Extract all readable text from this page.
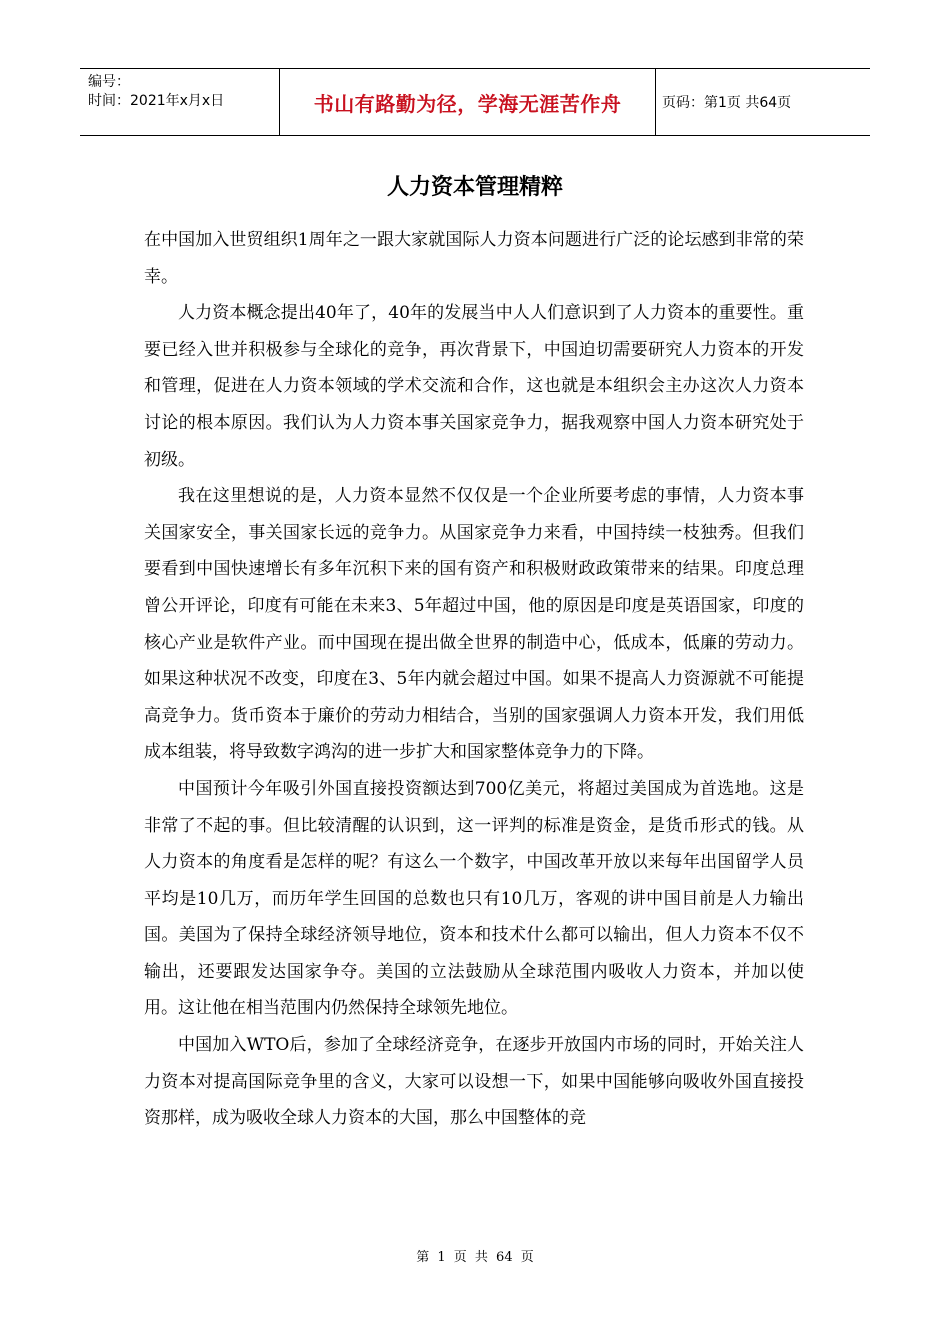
编号：
时间：2021年x月x日	书山有路勤为径，学海无涯苦作舟	页码：第1页 共64页
人力资本管理精粹

在中国加入世贸组织1周年之一跟大家就国际人力资本问题进行广泛的论坛感到非常的荣幸。

人力资本概念提出40年了，40年的发展当中人人们意识到了人力资本的重要性。重要已经入世并积极参与全球化的竞争，再次背景下，中国迫切需要研究人力资本的开发和管理，促进在人力资本领域的学术交流和合作，这也就是本组织会主办这次人力资本讨论的根本原因。我们认为人力资本事关国家竞争力，据我观察中国人力资本研究处于初级。

我在这里想说的是，人力资本显然不仅仅是一个企业所要考虑的事情，人力资本事关国家安全，事关国家长远的竞争力。从国家竞争力来看，中国持续一枝独秀。但我们要看到中国快速增长有多年沉积下来的国有资产和积极财政政策带来的结果。印度总理曾公开评论，印度有可能在未来3、5年超过中国，他的原因是印度是英语国家，印度的核心产业是软件产业。而中国现在提出做全世界的制造中心，低成本，低廉的劳动力。如果这种状况不改变，印度在3、5年内就会超过中国。如果不提高人力资源就不可能提高竞争力。货币资本于廉价的劳动力相结合，当别的国家强调人力资本开发，我们用低成本组装，将导致数字鸿沟的进一步扩大和国家整体竞争力的下降。

中国预计今年吸引外国直接投资额达到700亿美元，将超过美国成为首选地。这是非常了不起的事。但比较清醒的认识到，这一评判的标准是资金，是货币形式的钱。从人力资本的角度看是怎样的呢？有这么一个数字，中国改革开放以来每年出国留学人员平均是10几万，而历年学生回国的总数也只有10几万，客观的讲中国目前是人力输出国。美国为了保持全球经济领导地位，资本和技术什么都可以输出，但人力资本不仅不输出，还要跟发达国家争夺。美国的立法鼓励从全球范围内吸收人力资本，并加以使用。这让他在相当范围内仍然保持全球领先地位。

中国加入WTO后，参加了全球经济竞争，在逐步开放国内市场的同时，开始关注人力资本对提高国际竞争里的含义，大家可以设想一下，如果中国能够向吸收外国直接投资那样，成为吸收全球人力资本的大国，那么中国整体的竞

第 1 页 共 64 页
